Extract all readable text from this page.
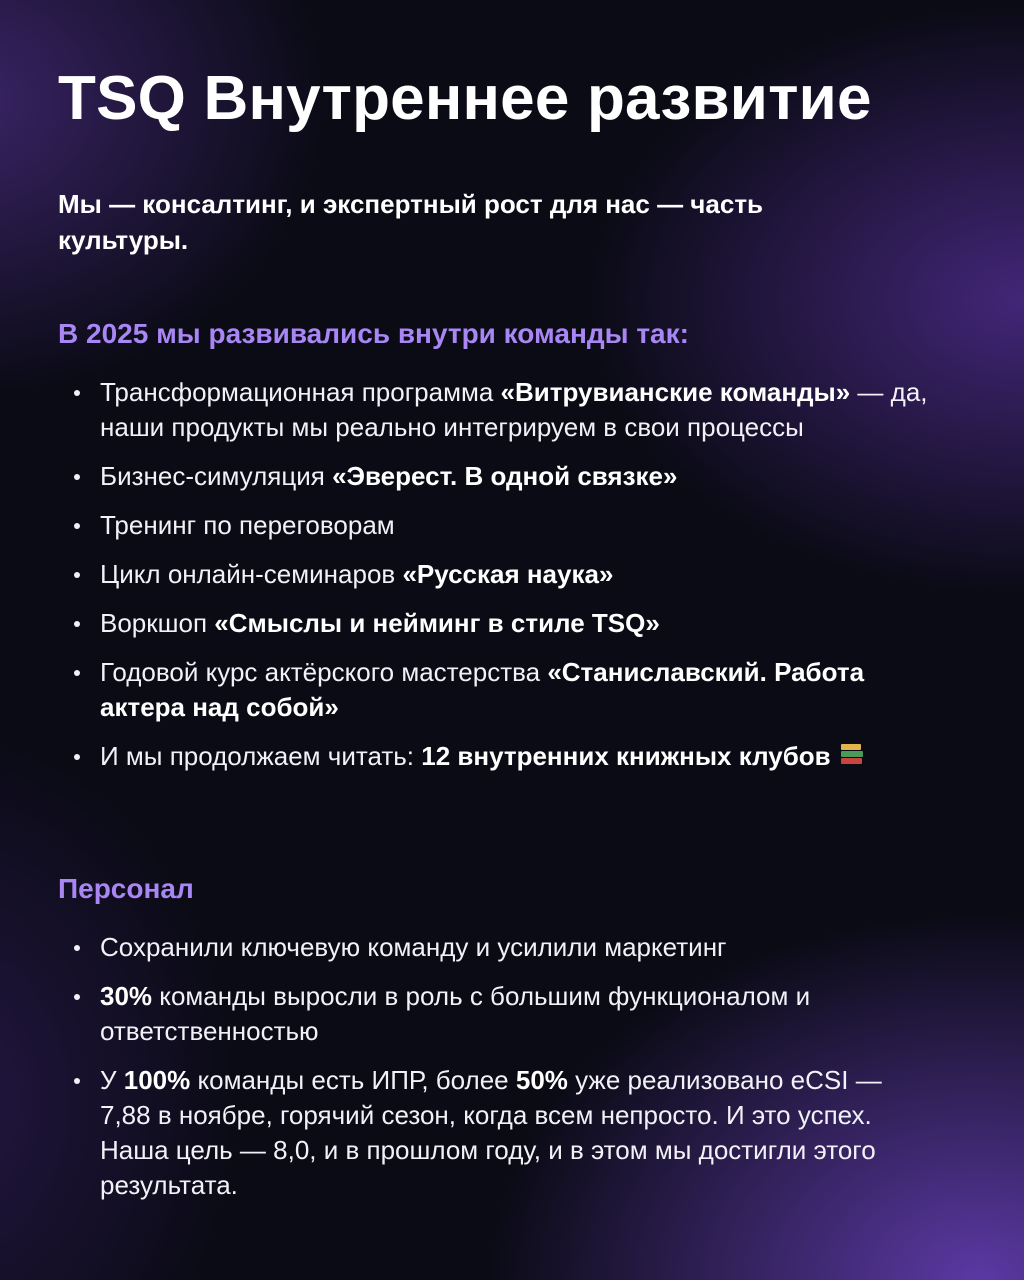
TSQ Внутреннее развитие

Мы — консалтинг, и экспертный рост для нас — часть культуры.

В 2025 мы развивались внутри команды так:
Трансформационная программа «Витрувианские команды» — да, наши продукты мы реально интегрируем в свои процессы
Бизнес-симуляция «Эверест. В одной связке»
Тренинг по переговорам
Цикл онлайн-семинаров «Русская наука»
Воркшоп «Смыслы и нейминг в стиле TSQ»
Годовой курс актёрского мастерства «Станиславский. Работа актера над собой»
И мы продолжаем читать: 12 внутренних книжных клубов
Персонал
Сохранили ключевую команду и усилили маркетинг
30% команды выросли в роль с большим функционалом и ответственностью
У 100% команды есть ИПР, более 50% уже реализовано eCSI — 7,88 в ноябре, горячий сезон, когда всем непросто. И это успех. Наша цель — 8,0, и в прошлом году, и в этом мы достигли этого результата.
